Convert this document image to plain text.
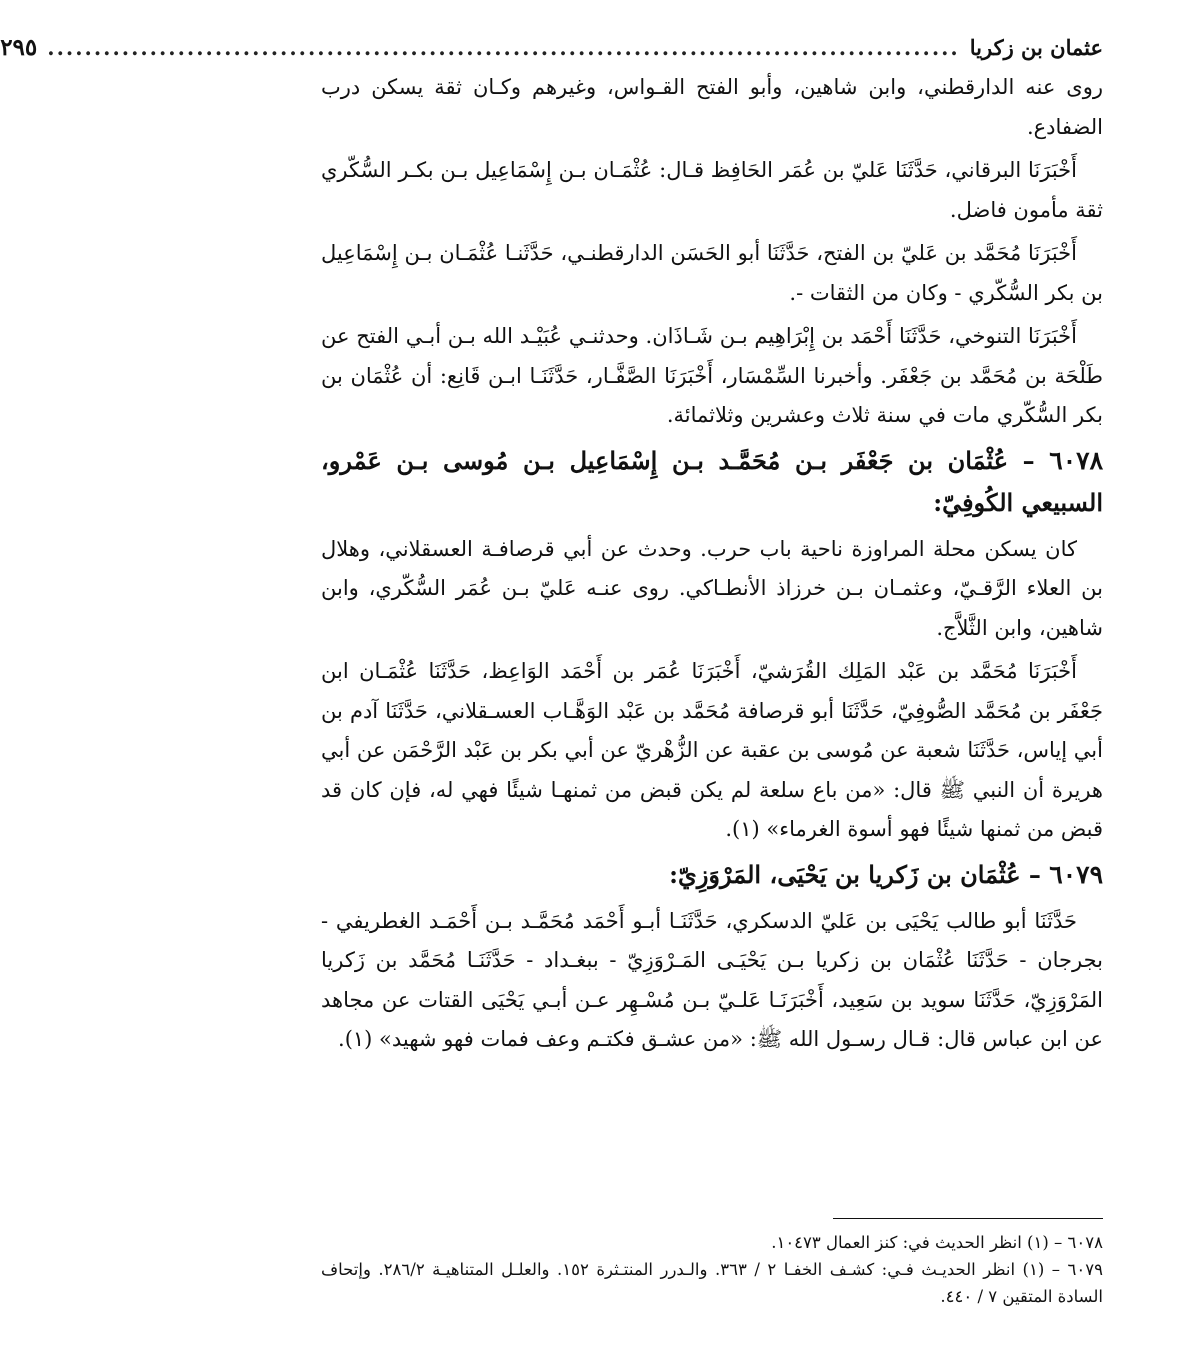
عثمان بن زكريا
..................................................................................................
٢٩٥

روى عنه الدارقطني، وابن شاهين، وأبو الفتح القـواس، وغيرهم وكـان ثقة يسكن درب الضفادع.

أَخْبَرَنَا البرقاني، حَدَّثَنَا عَليّ بن عُمَر الحَافِظ قـال: عُثْمَـان بـن إِسْمَاعِيل بـن بكـر السُّكّري ثقة مأمون فاضل.

أَخْبَرَنَا مُحَمَّد بن عَليّ بن الفتح، حَدَّثَنَا أبو الحَسَن الدارقطنـي، حَدَّثَنـا عُثْمَـان بـن إِسْمَاعِيل بن بكر السُّكّري - وكان من الثقات -.

أَخْبَرَنَا التنوخي، حَدَّثَنَا أَحْمَد بن إِبْرَاهِيم بـن شَـاذَان. وحدثنـي عُبَيْـد الله بـن أبـي الفتح عن طَلْحَة بن مُحَمَّد بن جَعْفَر. وأخبرنا السِّمْسَار، أَخْبَرَنَا الصَّفَّـار، حَدَّثَنَـا ابـن قَانِع: أن عُثْمَان بن بكر السُّكّري مات في سنة ثلاث وعشرين وثلاثمائة.

٦٠٧٨ – عُثْمَان بن جَعْفَر بـن مُحَمَّـد بـن إِسْمَاعِيل بـن مُوسى بـن عَمْرو، السبيعي الكُوفِيّ:

كان يسكن محلة المراوزة ناحية باب حرب. وحدث عن أبي قرصافـة العسقلاني، وهلال بن العلاء الرَّقـيّ، وعثمـان بـن خرزاذ الأنطـاكي. روى عنـه عَليّ بـن عُمَر السُّكّري، وابن شاهين، وابن الثَّلاَّج.

أَخْبَرَنَا مُحَمَّد بن عَبْد المَلِك القُرَشيّ، أَخْبَرَنَا عُمَر بن أَحْمَد الوَاعِظ، حَدَّثَنَا عُثْمَـان ابن جَعْفَر بن مُحَمَّد الصُّوفِيّ، حَدَّثَنَا أبو قرصافة مُحَمَّد بن عَبْد الوَهَّـاب العسـقلاني، حَدَّثَنَا آدم بن أبي إياس، حَدَّثَنَا شعبة عن مُوسى بن عقبة عن الزُّهْريّ عن أبي بكر بن عَبْد الرَّحْمَن عن أبي هريرة أن النبي ﷺ قال: «من باع سلعة لم يكن قبض من ثمنهـا شيئًا فهي له، فإن كان قد قبض من ثمنها شيئًا فهو أسوة الغرماء» (١).

٦٠٧٩ – عُثْمَان بن زَكريا بن يَحْيَى، المَرْوَزِيّ:

حَدَّثَنَا أبو طالب يَحْيَى بن عَليّ الدسكري، حَدَّثَنَـا أبـو أَحْمَد مُحَمَّـد بـن أَحْمَـد الغطريفي - بجرجان - حَدَّثَنَا عُثْمَان بن زكريا بـن يَحْيَـى المَـرْوَزِيّ - ببغـداد - حَدَّثَنَـا مُحَمَّد بن زَكريا المَرْوَزِيّ، حَدَّثَنَا سويد بن سَعِيد، أَخْبَرَنَـا عَلـيّ بـن مُسْـهِر عـن أبـي يَحْيَى القتات عن مجاهد عن ابن عباس قال: قـال رسـول الله ﷺ: «من عشـق فكتـم وعف فمات فهو شهيد» (١).

٦٠٧٨ – (١) انظر الحديث في: كنز العمال ١٠٤٧٣.
٦٠٧٩ – (١) انظر الحديـث فـي: كشـف الخفـا ٢ / ٣٦٣. والـدرر المنتـثرة ١٥٢. والعلـل المتناهيـة ٢٨٦/٢. وإتحاف السادة المتقين ٧ / ٤٤٠.
